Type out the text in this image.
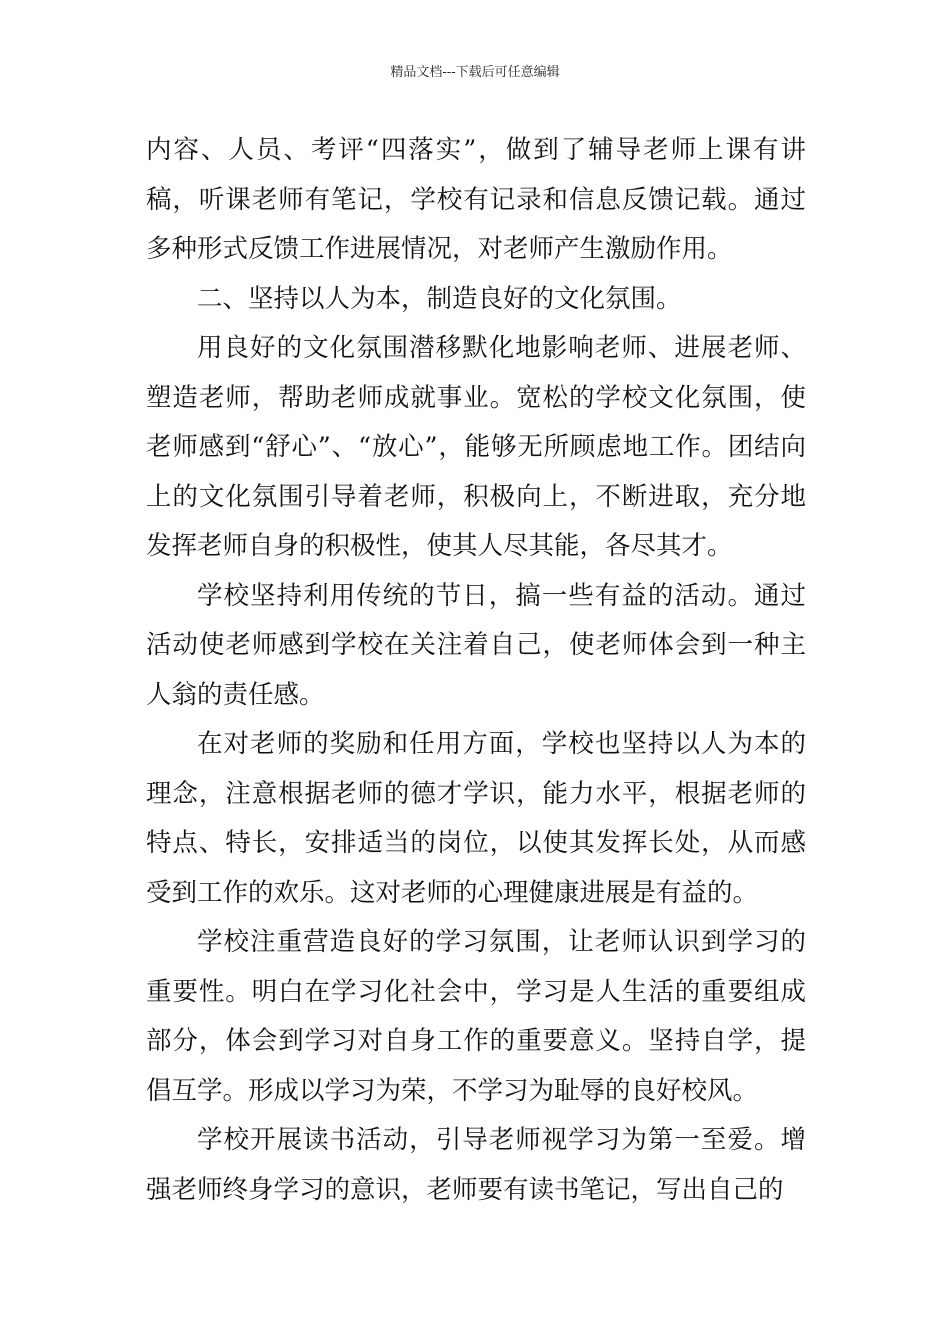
精品文档---下载后可任意编辑

内容、人员、考评“四落实”，做到了辅导老师上课有讲稿，听课老师有笔记，学校有记录和信息反馈记载。通过多种形式反馈工作进展情况，对老师产生激励作用。

二、坚持以人为本，制造良好的文化氛围。

用良好的文化氛围潜移默化地影响老师、进展老师、塑造老师，帮助老师成就事业。宽松的学校文化氛围，使老师感到“舒心”、“放心”，能够无所顾虑地工作。团结向上的文化氛围引导着老师，积极向上，不断进取，充分地发挥老师自身的积极性，使其人尽其能，各尽其才。

学校坚持利用传统的节日，搞一些有益的活动。通过活动使老师感到学校在关注着自己，使老师体会到一种主人翁的责任感。

在对老师的奖励和任用方面，学校也坚持以人为本的理念，注意根据老师的德才学识，能力水平，根据老师的特点、特长，安排适当的岗位，以使其发挥长处，从而感受到工作的欢乐。这对老师的心理健康进展是有益的。

学校注重营造良好的学习氛围，让老师认识到学习的重要性。明白在学习化社会中，学习是人生活的重要组成部分，体会到学习对自身工作的重要意义。坚持自学，提倡互学。形成以学习为荣，不学习为耻辱的良好校风。

学校开展读书活动，引导老师视学习为第一至爱。增强老师终身学习的意识，老师要有读书笔记，写出自己的
